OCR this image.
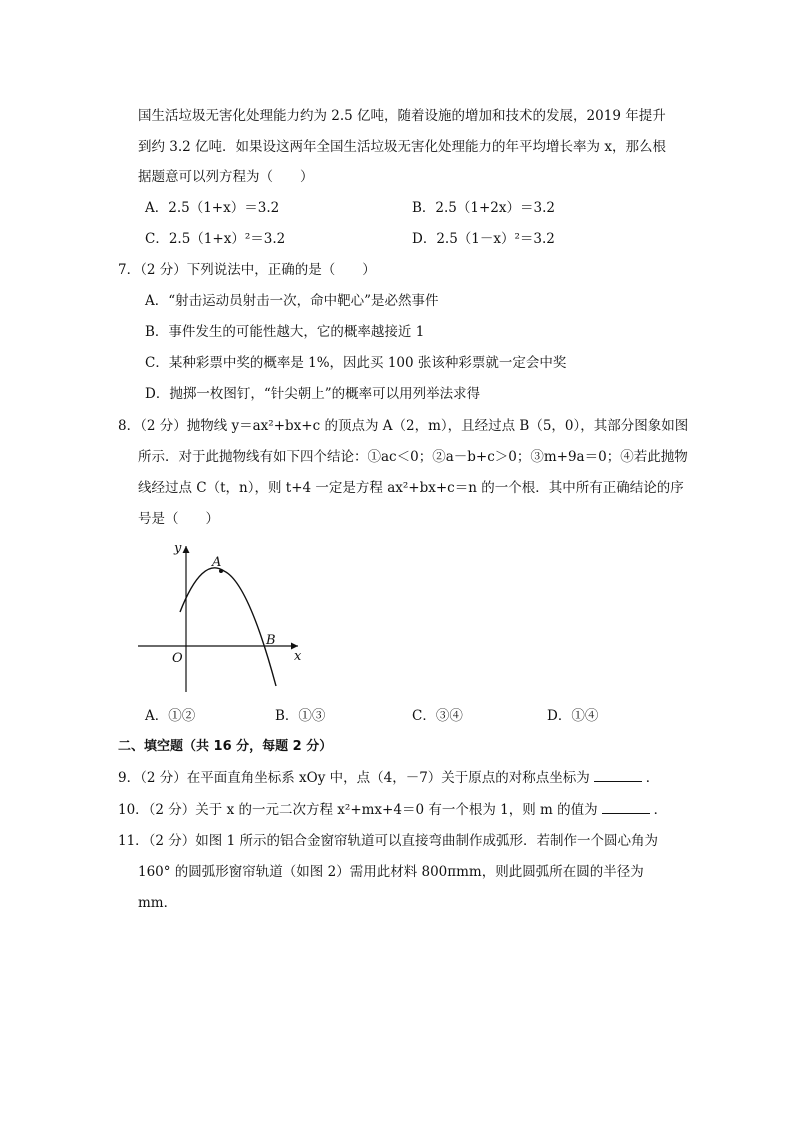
国生活垃圾无害化处理能力约为 2.5 亿吨，随着设施的增加和技术的发展，2019 年提升
到约 3.2 亿吨．如果设这两年全国生活垃圾无害化处理能力的年平均增长率为 x，那么根
据题意可以列方程为（　　）
A．2.5（1+x）＝3.2	B．2.5（1+2x）＝3.2
C．2.5（1+x）²＝3.2	D．2.5（1－x）²＝3.2
7．（2 分）下列说法中，正确的是（　　）
A．“射击运动员射击一次，命中靶心”是必然事件
B．事件发生的可能性越大，它的概率越接近 1
C．某种彩票中奖的概率是 1%，因此买 100 张该种彩票就一定会中奖
D．抛掷一枚图钉，“针尖朝上”的概率可以用列举法求得
8．（2 分）抛物线 y＝ax²+bx+c 的顶点为 A（2，m），且经过点 B（5，0），其部分图象如图
所示．对于此抛物线有如下四个结论：①ac＜0；②a－b+c＞0；③m+9a＝0；④若此抛物
线经过点 C（t，n），则 t+4 一定是方程 ax²+bx+c＝n 的一个根．其中所有正确结论的序
号是（　　）
y
x
O
A
B
A．①②	B．①③	C．③④	D．①④
二、填空题（共 16 分，每题 2 分）
9．（2 分）在平面直角坐标系 xOy 中，点（4，－7）关于原点的对称点坐标为	．
10．（2 分）关于 x 的一元二次方程 x²+mx+4＝0 有一个根为 1，则 m 的值为	．
11．（2 分）如图 1 所示的铝合金窗帘轨道可以直接弯曲制作成弧形．若制作一个圆心角为
160° 的圆弧形窗帘轨道（如图 2）需用此材料 800πmm，则此圆弧所在圆的半径为
mm．
